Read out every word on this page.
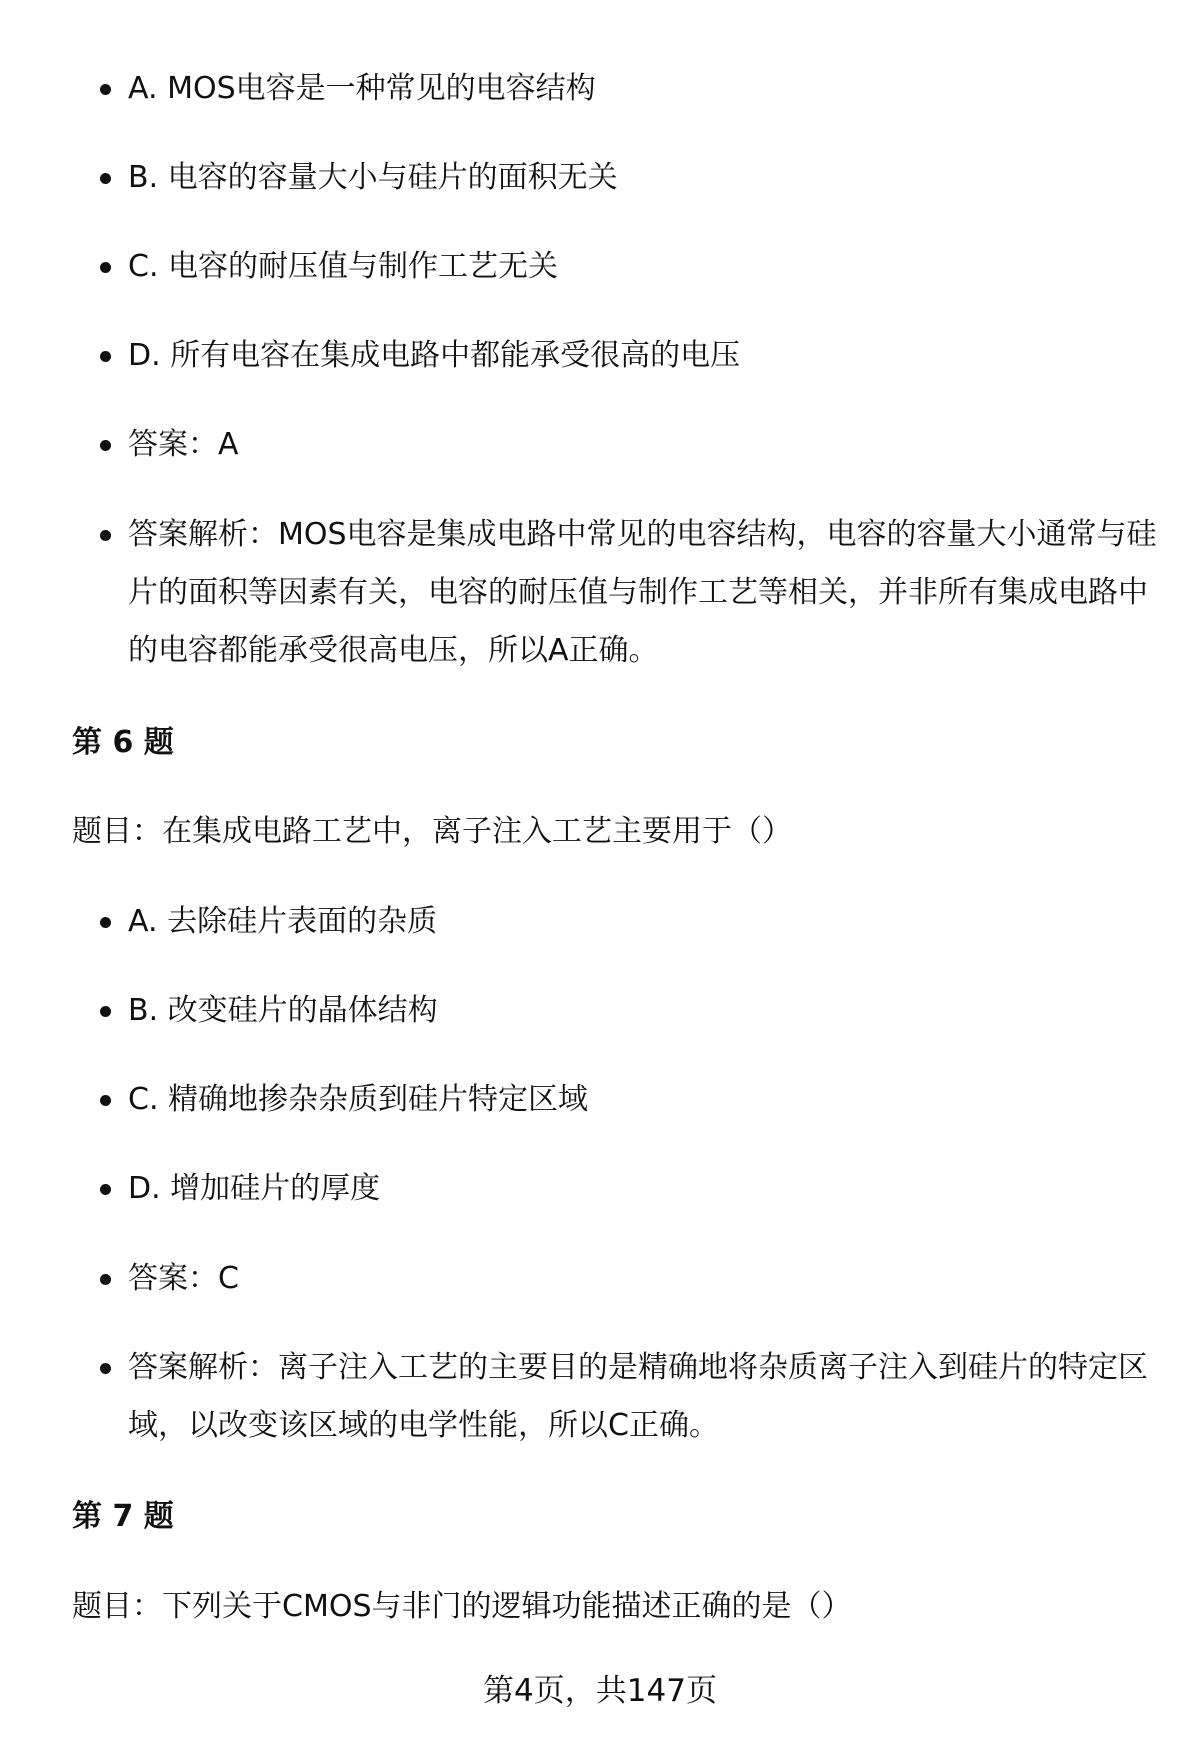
A. MOS电容是一种常见的电容结构
B. 电容的容量大小与硅片的面积无关
C. 电容的耐压值与制作工艺无关
D. 所有电容在集成电路中都能承受很高的电压
答案：A
答案解析：MOS电容是集成电路中常见的电容结构，电容的容量大小通常与硅片的面积等因素有关，电容的耐压值与制作工艺等相关，并非所有集成电路中的电容都能承受很高电压，所以A正确。
第 6 题
题目：在集成电路工艺中，离子注入工艺主要用于（）
A. 去除硅片表面的杂质
B. 改变硅片的晶体结构
C. 精确地掺杂杂质到硅片特定区域
D. 增加硅片的厚度
答案：C
答案解析：离子注入工艺的主要目的是精确地将杂质离子注入到硅片的特定区域，以改变该区域的电学性能，所以C正确。
第 7 题
题目：下列关于CMOS与非门的逻辑功能描述正确的是（）
第4页，共147页
